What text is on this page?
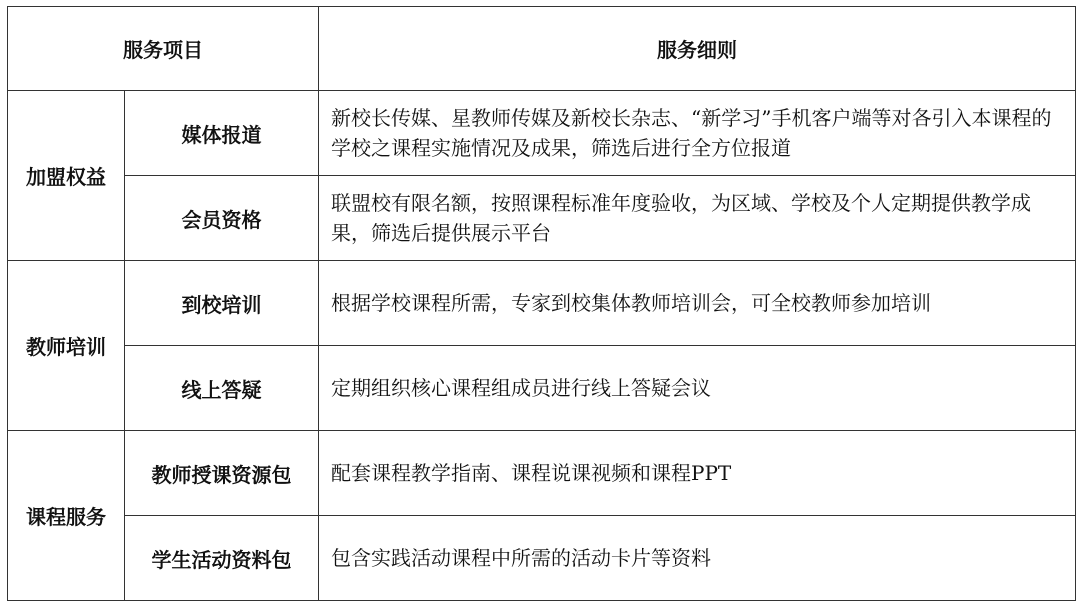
服务项目		服务细则
加盟权益	媒体报道	新校长传媒、星教师传媒及新校长杂志、“新学习”手机客户端等对各引入本课程的学校之课程实施情况及成果，筛选后进行全方位报道
	会员资格	联盟校有限名额，按照课程标准年度验收，为区域、学校及个人定期提供教学成果，筛选后提供展示平台
教师培训	到校培训	根据学校课程所需，专家到校集体教师培训会，可全校教师参加培训
	线上答疑	定期组织核心课程组成员进行线上答疑会议
课程服务	教师授课资源包	配套课程教学指南、课程说课视频和课程PPT
	学生活动资料包	包含实践活动课程中所需的活动卡片等资料
